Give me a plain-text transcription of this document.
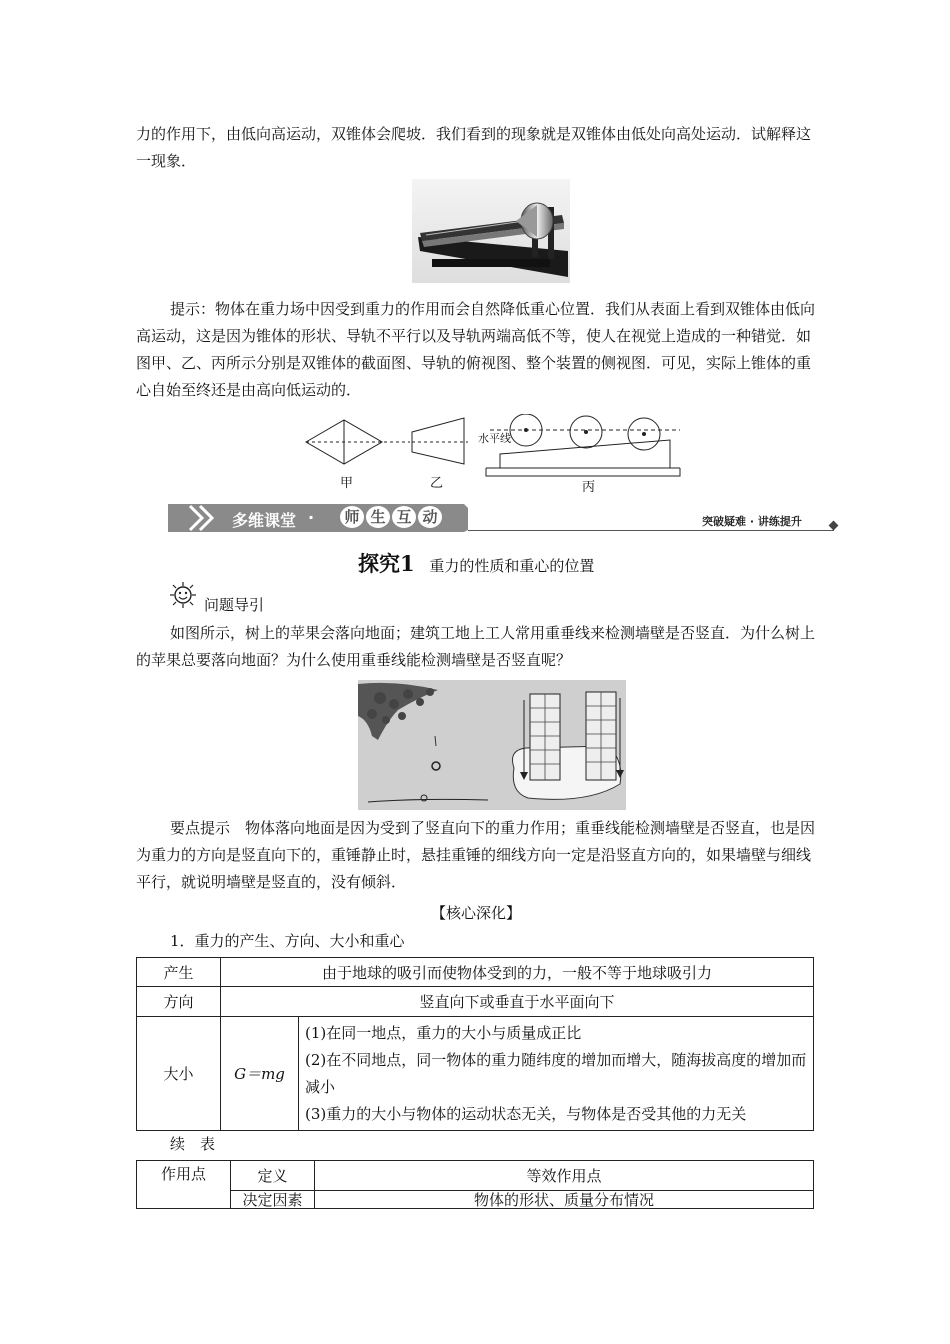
力的作用下，由低向高运动，双锥体会爬坡．我们看到的现象就是双锥体由低处向高处运动．试解释这一现象．

提示：物体在重力场中因受到重力的作用而会自然降低重心位置．我们从表面上看到双锥体由低向高运动，这是因为锥体的形状、导轨不平行以及导轨两端高低不等，使人在视觉上造成的一种错觉．如图甲、乙、丙所示分别是双锥体的截面图、导轨的俯视图、整个装置的侧视图．可见，实际上锥体的重心自始至终还是由高向低运动的．

水平线
甲	乙	丙
多维课堂 · 师 生 互 动	突破疑难 · 讲练提升
探究1 重力的性质和重心的位置
问题导引

如图所示，树上的苹果会落向地面；建筑工地上工人常用重垂线来检测墙壁是否竖直．为什么树上的苹果总要落向地面？为什么使用重垂线能检测墙壁是否竖直呢？

要点提示　物体落向地面是因为受到了竖直向下的重力作用；重垂线能检测墙壁是否竖直，也是因为重力的方向是竖直向下的，重锤静止时，悬挂重锤的细线方向一定是沿竖直方向的，如果墙壁与细线平行，就说明墙壁是竖直的，没有倾斜．

【核心深化】
1．重力的产生、方向、大小和重心
产生	由于地球的吸引而使物体受到的力，一般不等于地球吸引力	
方向	竖直向下或垂直于水平面向下	
大小	G＝mg	(1)在同一地点，重力的大小与质量成正比
(2)在不同地点，同一物体的重力随纬度的增加而增大，随海拔高度的增加而减小
(3)重力的大小与物体的运动状态无关，与物体是否受其他的力无关
续　表
作用点	定义	等效作用点
	决定因素	物体的形状、质量分布情况
